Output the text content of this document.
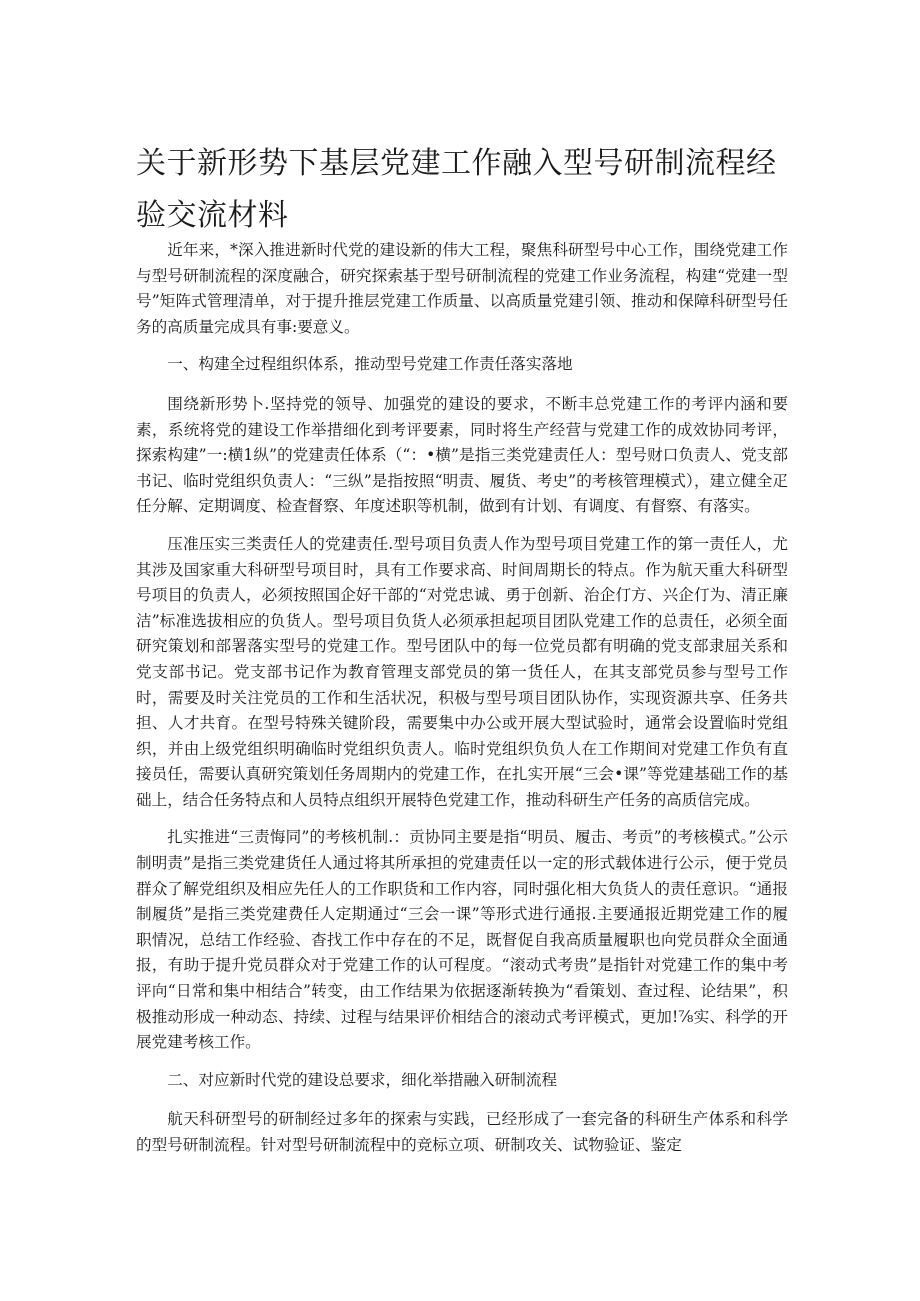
关于新形势下基层党建工作融入型号研制流程经验交流材料

近年来，*深入推进新时代党的建设新的伟大工程，聚焦科研型号中心工作，围绕党建工作与型号研制流程的深度融合，研究探索基于型号研制流程的党建工作业务流程，构建“党建一型号”矩阵式管理清单，对于提升推层党建工作质量、以高质量党建引领、推动和保障科研型号任务的高质量完成具有事:要意义。

一、构建全过程组织体系，推动型号党建工作责任落实落地

围绕新形势卜.坚持党的领导、加强党的建设的要求，不断丰总党建工作的考评内涵和要素，系统将党的建设工作举措细化到考评要素，同时将生产经营与党建工作的成效协同考评，探索构建”一:横1纵”的党建责任体系（“：•横”是指三类党建责任人：型号财口负责人、党支部书记、临时党组织负责人：“三纵”是指按照“明责、履货、考史”的考核管理模式），建立健全疋任分解、定期调度、检查督察、年度述职等机制，做到有计划、有调度、有督察、有落实。

压准压实三类责任人的党建责任.型号项目负责人作为型号项目党建工作的第一责任人，尤其涉及国家重大科研型号项目时，具有工作要求高、时间周期长的特点。作为航天重大科研型号项目的负责人，必须按照国企好干部的“对党忠诚、勇于创新、治企仃方、兴企仃为、清正廉洁”标准选拔相应的负货人。型号项目负货人必须承担起项目团队党建工作的总责任，必须全面研究策划和部署落实型号的党建工作。型号团队中的每一位党员都有明确的党支部隶屈关系和党支部书记。党支部书记作为教育管理支部党员的第一货任人，在其支部党员参与型号工作时，需要及时关注党员的工作和生活状况，积极与型号项目团队协作，实现资源共享、任务共担、人才共育。在型号特殊关键阶段，需要集中办公或开展大型试验时，通常会设置临时党组织，并由上级党组织明确临时党组织负责人。临时党组织负负人在工作期间对党建工作负有直接员任，需要认真研究策划任务周期内的党建工作，在扎实开展“三会•课”等党建基础工作的基础上，结合任务特点和人员特点组织开展特色党建工作，推动科研生产任务的高质信完成。

扎实推进“三责悔同”的考核机制.：贡协同主要是指“明员、履击、考贡”的考核模式。”公示制明责”是指三类党建货任人通过将其所承担的党建责任以一定的形式载体进行公示，便于党员群众了解党组织及相应先任人的工作职货和工作内容，同时强化相大负货人的责任意识。“通报制履货”是指三类党建费任人定期通过“三会一课”等形式进行通报.主要通报近期党建工作的履职情况，总结工作经验、杳找工作中存在的不足，既督促自我高质量履职也向党员群众全面通报，有助于提升党员群众对于党建工作的认可程度。“滚动式考贵”是指针对党建工作的集中考评向“日常和集中相结合”转变，由工作结果为依据逐渐转换为“看策划、查过程、论结果”，积极推动形成一种动态、持续、过程与结果评价相结合的滚动式考评模式，更加!⅞实、科学的开展党建考核工作。

二、对应新时代党的建设总要求，细化举措融入研制流程

航天科研型号的研制经过多年的探索与实践，已经形成了一套完备的科研生产体系和科学的型号研制流程。针对型号研制流程中的竞标立项、研制攻关、试物验证、鉴定
